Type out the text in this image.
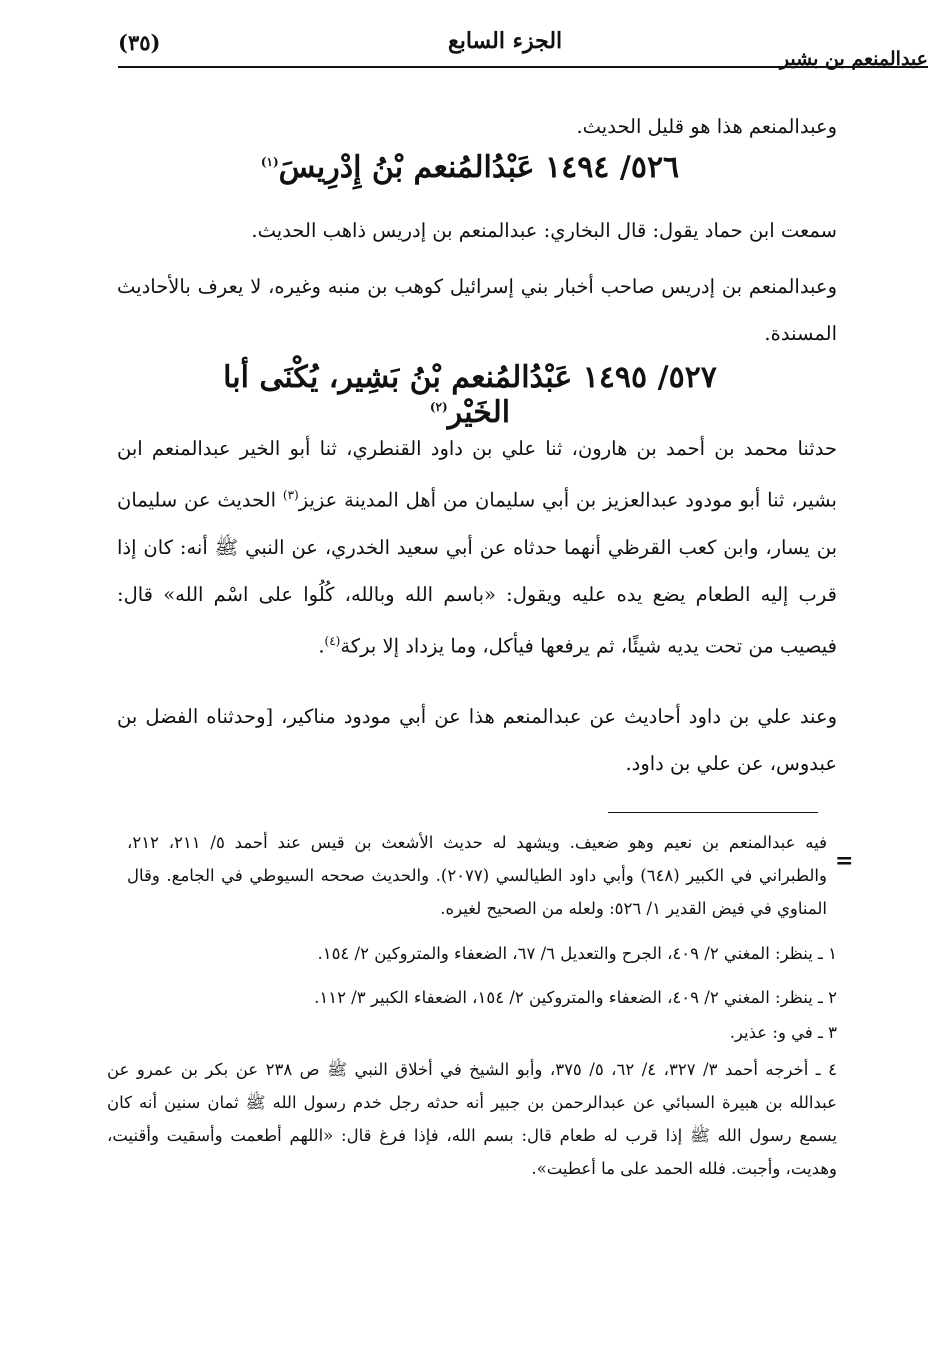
(٣٥)	الجزء السابع
عبدالمنعم بن بشير
وعبدالمنعم هذا هو قليل الحديث.
٥٢٦/ ١٤٩٤ عَبْدُالمُنعم بْنُ إِدْرِيسَ$^{(١)}$
سمعت ابن حماد يقول: قال البخاري: عبدالمنعم بن إدريس ذاهب الحديث.
وعبدالمنعم بن إدريس صاحب أخبار بني إسرائيل كوهب بن منبه وغيره، لا يعرف بالأحاديث المسندة.
٥٢٧/ ١٤٩٥ عَبْدُالمُنعم بْنُ بَشِير، يُكْنَى أبا الخَيْر$^{(٢)}$
حدثنا محمد بن أحمد بن هارون، ثنا علي بن داود القنطري، ثنا أبو الخير عبدالمنعم ابن بشير، ثنا أبو مودود عبدالعزيز بن أبي سليمان من أهل المدينة عزيز$^{(٣)}$ الحديث عن سليمان بن يسار، وابن كعب القرظي أنهما حدثاه عن أبي سعيد الخدري، عن النبي ﷺ أنه: كان إذا قرب إليه الطعام يضع يده عليه ويقول: «باسم الله وبالله، كُلُوا على اسْم الله» قال: فيصيب من تحت يديه شيئًا، ثم يرفعها فيأكل، وما يزداد إلا بركة$^{(٤)}$.
وعند علي بن داود أحاديث عن عبدالمنعم هذا عن أبي مودود مناكير، [وحدثناه الفضل بن عبدوس، عن علي بن داود.
=
فيه عبدالمنعم بن نعيم وهو ضعيف. ويشهد له حديث الأشعث بن قيس عند أحمد ٥/ ٢١١، ٢١٢، والطبراني في الكبير (٦٤٨) وأبي داود الطيالسي (٢٠٧٧). والحديث صححه السيوطي في الجامع. وقال المناوي في فيض القدير ١/ ٥٢٦: ولعله من الصحيح لغيره.
١ ـ ينظر: المغني ٢/ ٤٠٩، الجرح والتعديل ٦/ ٦٧، الضعفاء والمتروكين ٢/ ١٥٤.
٢ ـ ينظر: المغني ٢/ ٤٠٩، الضعفاء والمتروكين ٢/ ١٥٤، الضعفاء الكبير ٣/ ١١٢.
٣ ـ في و: عذير.
٤ ـ أخرجه أحمد ٣/ ٣٢٧، ٤/ ٦٢، ٥/ ٣٧٥، وأبو الشيخ في أخلاق النبي ﷺ ص ٢٣٨ عن بكر بن عمرو عن عبدالله بن هبيرة السبائي عن عبدالرحمن بن جبير أنه حدثه رجل خدم رسول الله ﷺ ثمان سنين أنه كان يسمع رسول الله ﷺ إذا قرب له طعام قال: بسم الله، فإذا فرغ قال: «اللهم أطعمت وأسقيت وأقنيت، وهديت، وأجبت. فلله الحمد على ما أعطيت».
